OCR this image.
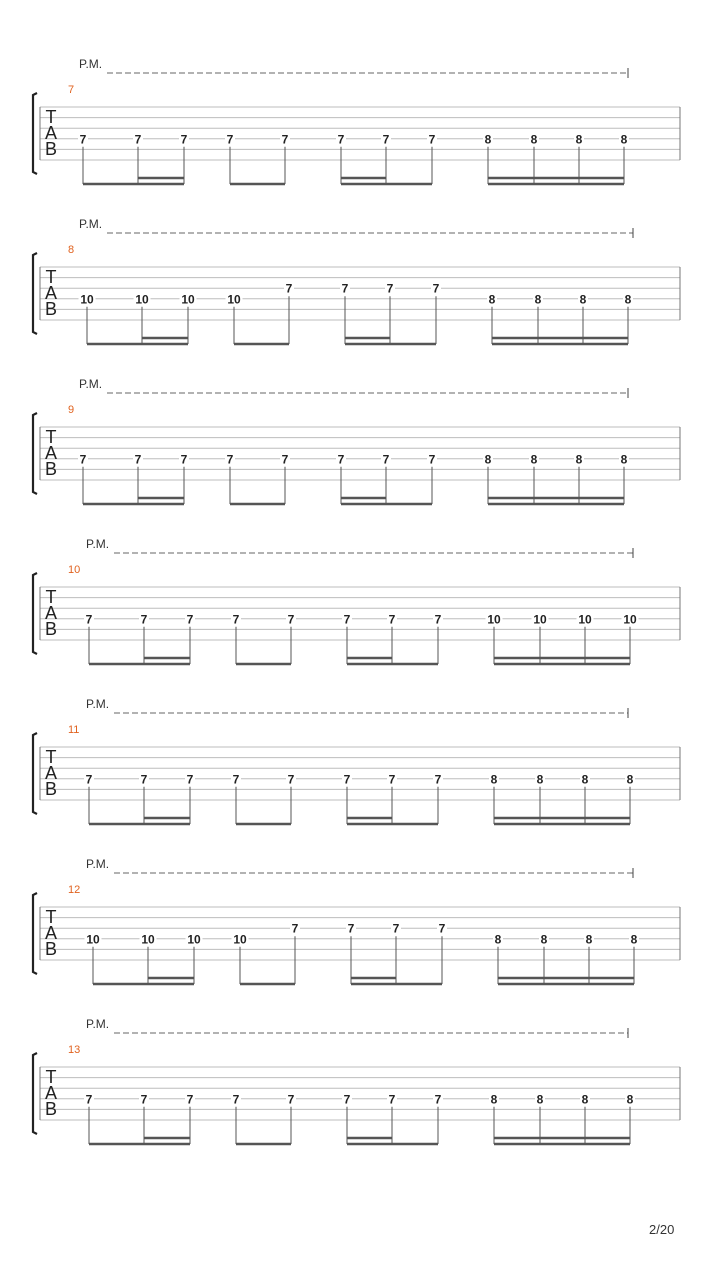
P.M.
7
T
A
B 7	7	7	7	7	7	7	7	8	8	8	8
P.M.
8
T
A
B 10	10	10	10
7	7	7	7
8	8	8	8
P.M.
9
T
A
B 7	7	7	7	7	7	7	7	8	8	8	8
P.M.
10
T
A
B 7	7	7	7	7	7	7	7	10	10	10	10
P.M.
11
T
A
B 7	7	7	7	7	7	7	7	8	8	8	8
P.M.
12
T
A
B 10	10	10	10
7	7	7	7
8	8	8	8
P.M.
13
T
A
B 7	7	7	7	7	7	7	7	8	8	8	8
2/20
